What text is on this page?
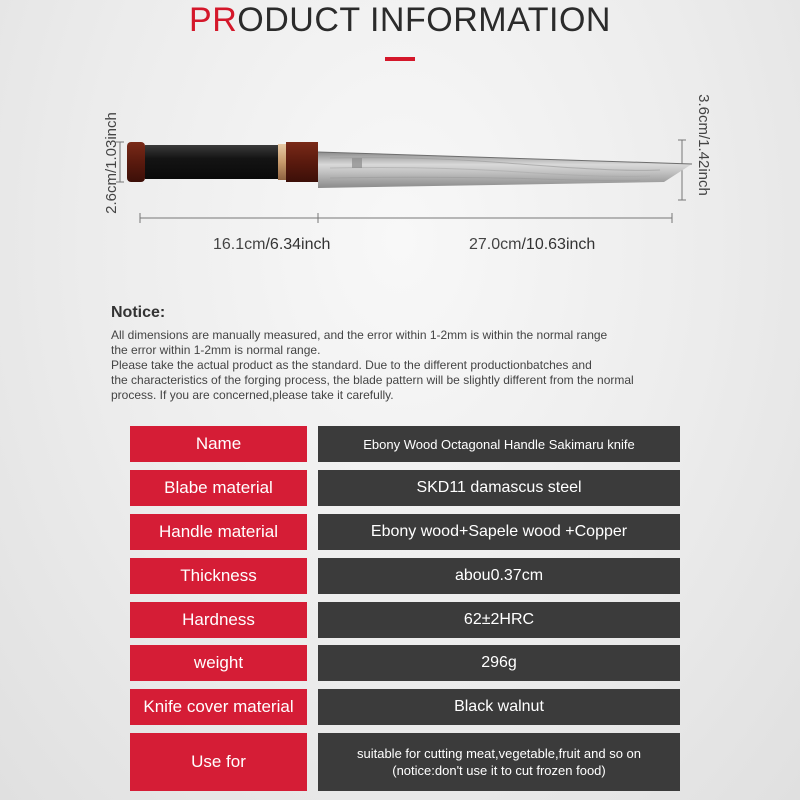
PRODUCT INFORMATION
2.6cm/1.03inch	3.6cm/1.42inch
16.1cm/6.34inch	27.0cm/10.63inch
Notice:
All dimensions are manually measured, and the error within 1-2mm is within the normal range
the error within 1-2mm is normal range.
Please take the actual product as the standard. Due to the different productionbatches and
the characteristics of the forging process, the blade pattern will be slightly different from the normal
process. If you are concerned,please take it carefully.
Name	Ebony Wood Octagonal Handle Sakimaru knife
Blabe material	SKD11 damascus steel
Handle material	Ebony wood+Sapele wood +Copper
Thickness	abou0.37cm
Hardness	62±2HRC
weight	296g
Knife cover material	Black walnut
Use for	suitable for cutting meat,vegetable,fruit and so on
(notice:don't use it to cut frozen food)
